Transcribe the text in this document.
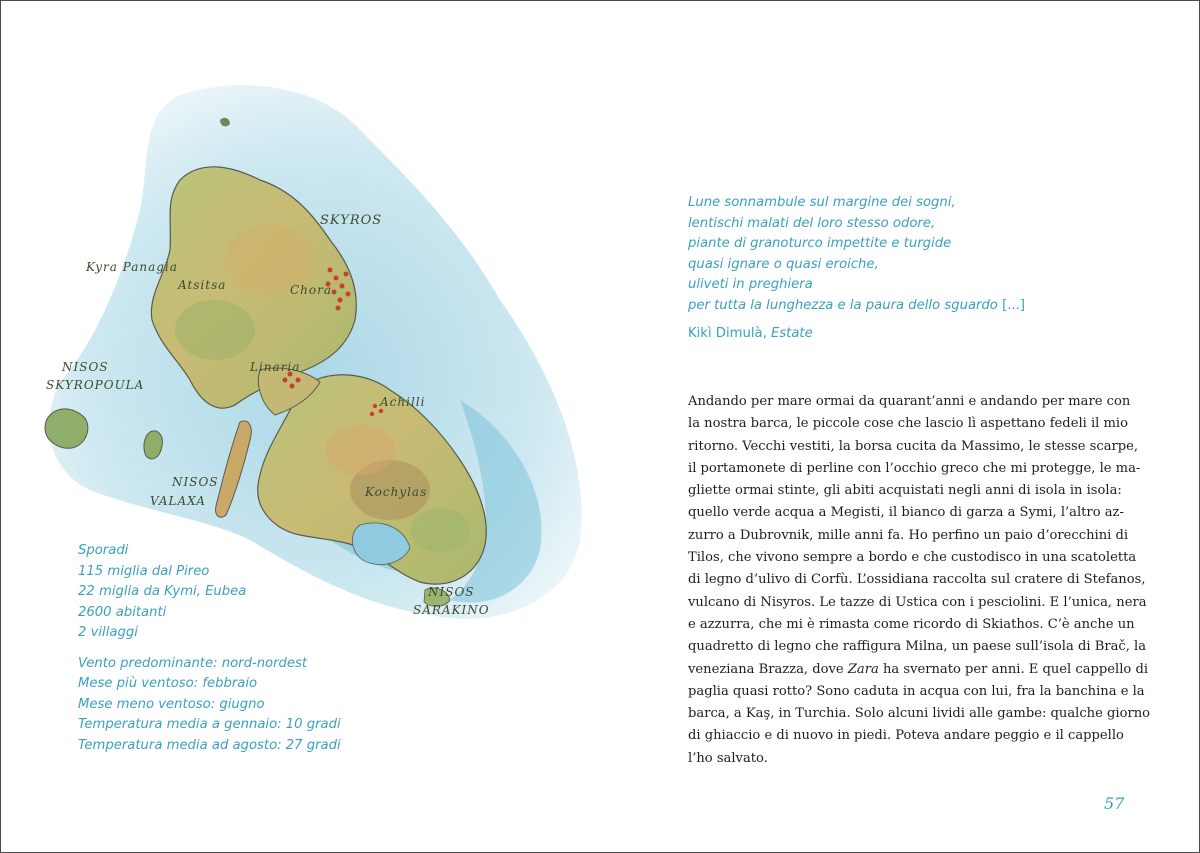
SKYROS
Kyra Panagia
Atsitsa	Chora
NISOS
SKYROPOULA
Linaria
Achilli
NISOS
VALAXA
Kochylas
NISOS
SARAKINO
Sporadi
115 miglia dal Pireo
22 miglia da Kymi, Eubea
2600 abitanti
2 villaggi
Vento predominante: nord-nordest
Mese più ventoso: febbraio
Mese meno ventoso: giugno
Temperatura media a gennaio: 10 gradi
Temperatura media ad agosto: 27 gradi
Lune sonnambule sul margine dei sogni,
lentischi malati del loro stesso odore,
piante di granoturco impettite e turgide
quasi ignare o quasi eroiche,
uliveti in preghiera
per tutta la lunghezza e la paura dello sguardo [...]
Kikì Dimulà, Estate
Andando per mare ormai da quarant’anni e andando per mare con
la nostra barca, le piccole cose che lascio lì aspettano fedeli il mio
ritorno. Vecchi vestiti, la borsa cucita da Massimo, le stesse scarpe,
il portamonete di perline con l’occhio greco che mi protegge, le ma-
gliette ormai stinte, gli abiti acquistati negli anni di isola in isola:
quello verde acqua a Megisti, il bianco di garza a Symi, l’altro az-
zurro a Dubrovnik, mille anni fa. Ho perfino un paio d’orecchini di
Tilos, che vivono sempre a bordo e che custodisco in una scatoletta
di legno d’ulivo di Corfù. L’ossidiana raccolta sul cratere di Stefanos,
vulcano di Nisyros. Le tazze di Ustica con i pesciolini. E l’unica, nera
e azzurra, che mi è rimasta come ricordo di Skiathos. C’è anche un
quadretto di legno che raffigura Milna, un paese sull’isola di Brač, la
veneziana Brazza, dove Zara ha svernato per anni. E quel cappello di
paglia quasi rotto? Sono caduta in acqua con lui, fra la banchina e la
barca, a Kaş, in Turchia. Solo alcuni lividi alle gambe: qualche giorno
di ghiaccio e di nuovo in piedi. Poteva andare peggio e il cappello
l’ho salvato.
57
